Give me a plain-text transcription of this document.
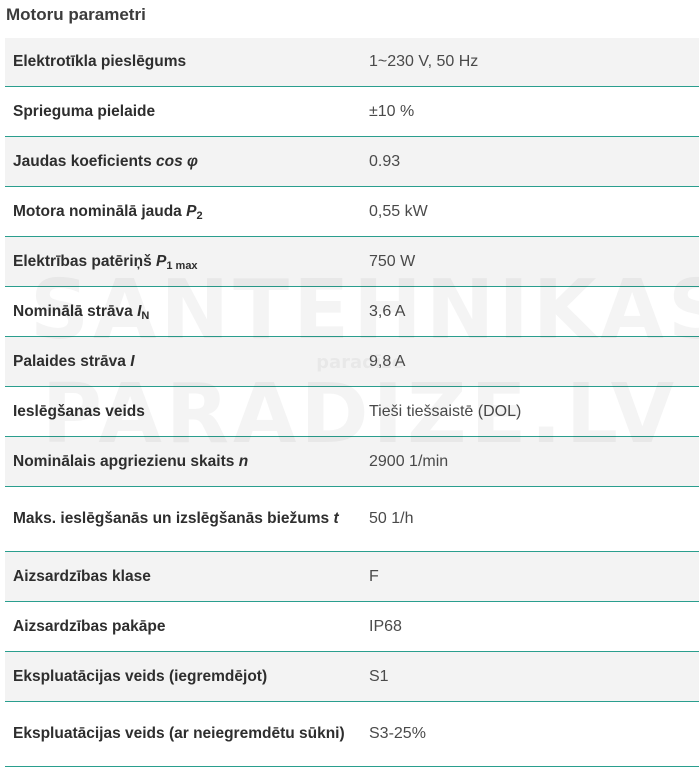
Motoru parametri
Elektrotīkla pieslēgums	1~230 V, 50 Hz
Sprieguma pielaide	±10 %
Jaudas koeficients cos φ	0.93
Motora nominālā jauda $P_2$	0,55 kW
Elektrības patēriņš $P_{1 max}$	750 W
Nominālā strāva $I_N$	3,6 A
Palaides strāva I	9,8 A
Ieslēgšanas veids	Tieši tiešsaistē (DOL)
Nominālais apgriezienu skaits n	2900 1/min
Maks. ieslēgšanās un izslēgšanās biežums t	50 1/h
Aizsardzības klase	F
Aizsardzības pakāpe	IP68
Ekspluatācijas veids (iegremdējot)	S1
Ekspluatācijas veids (ar neiegremdētu sūkni)	S3-25%
